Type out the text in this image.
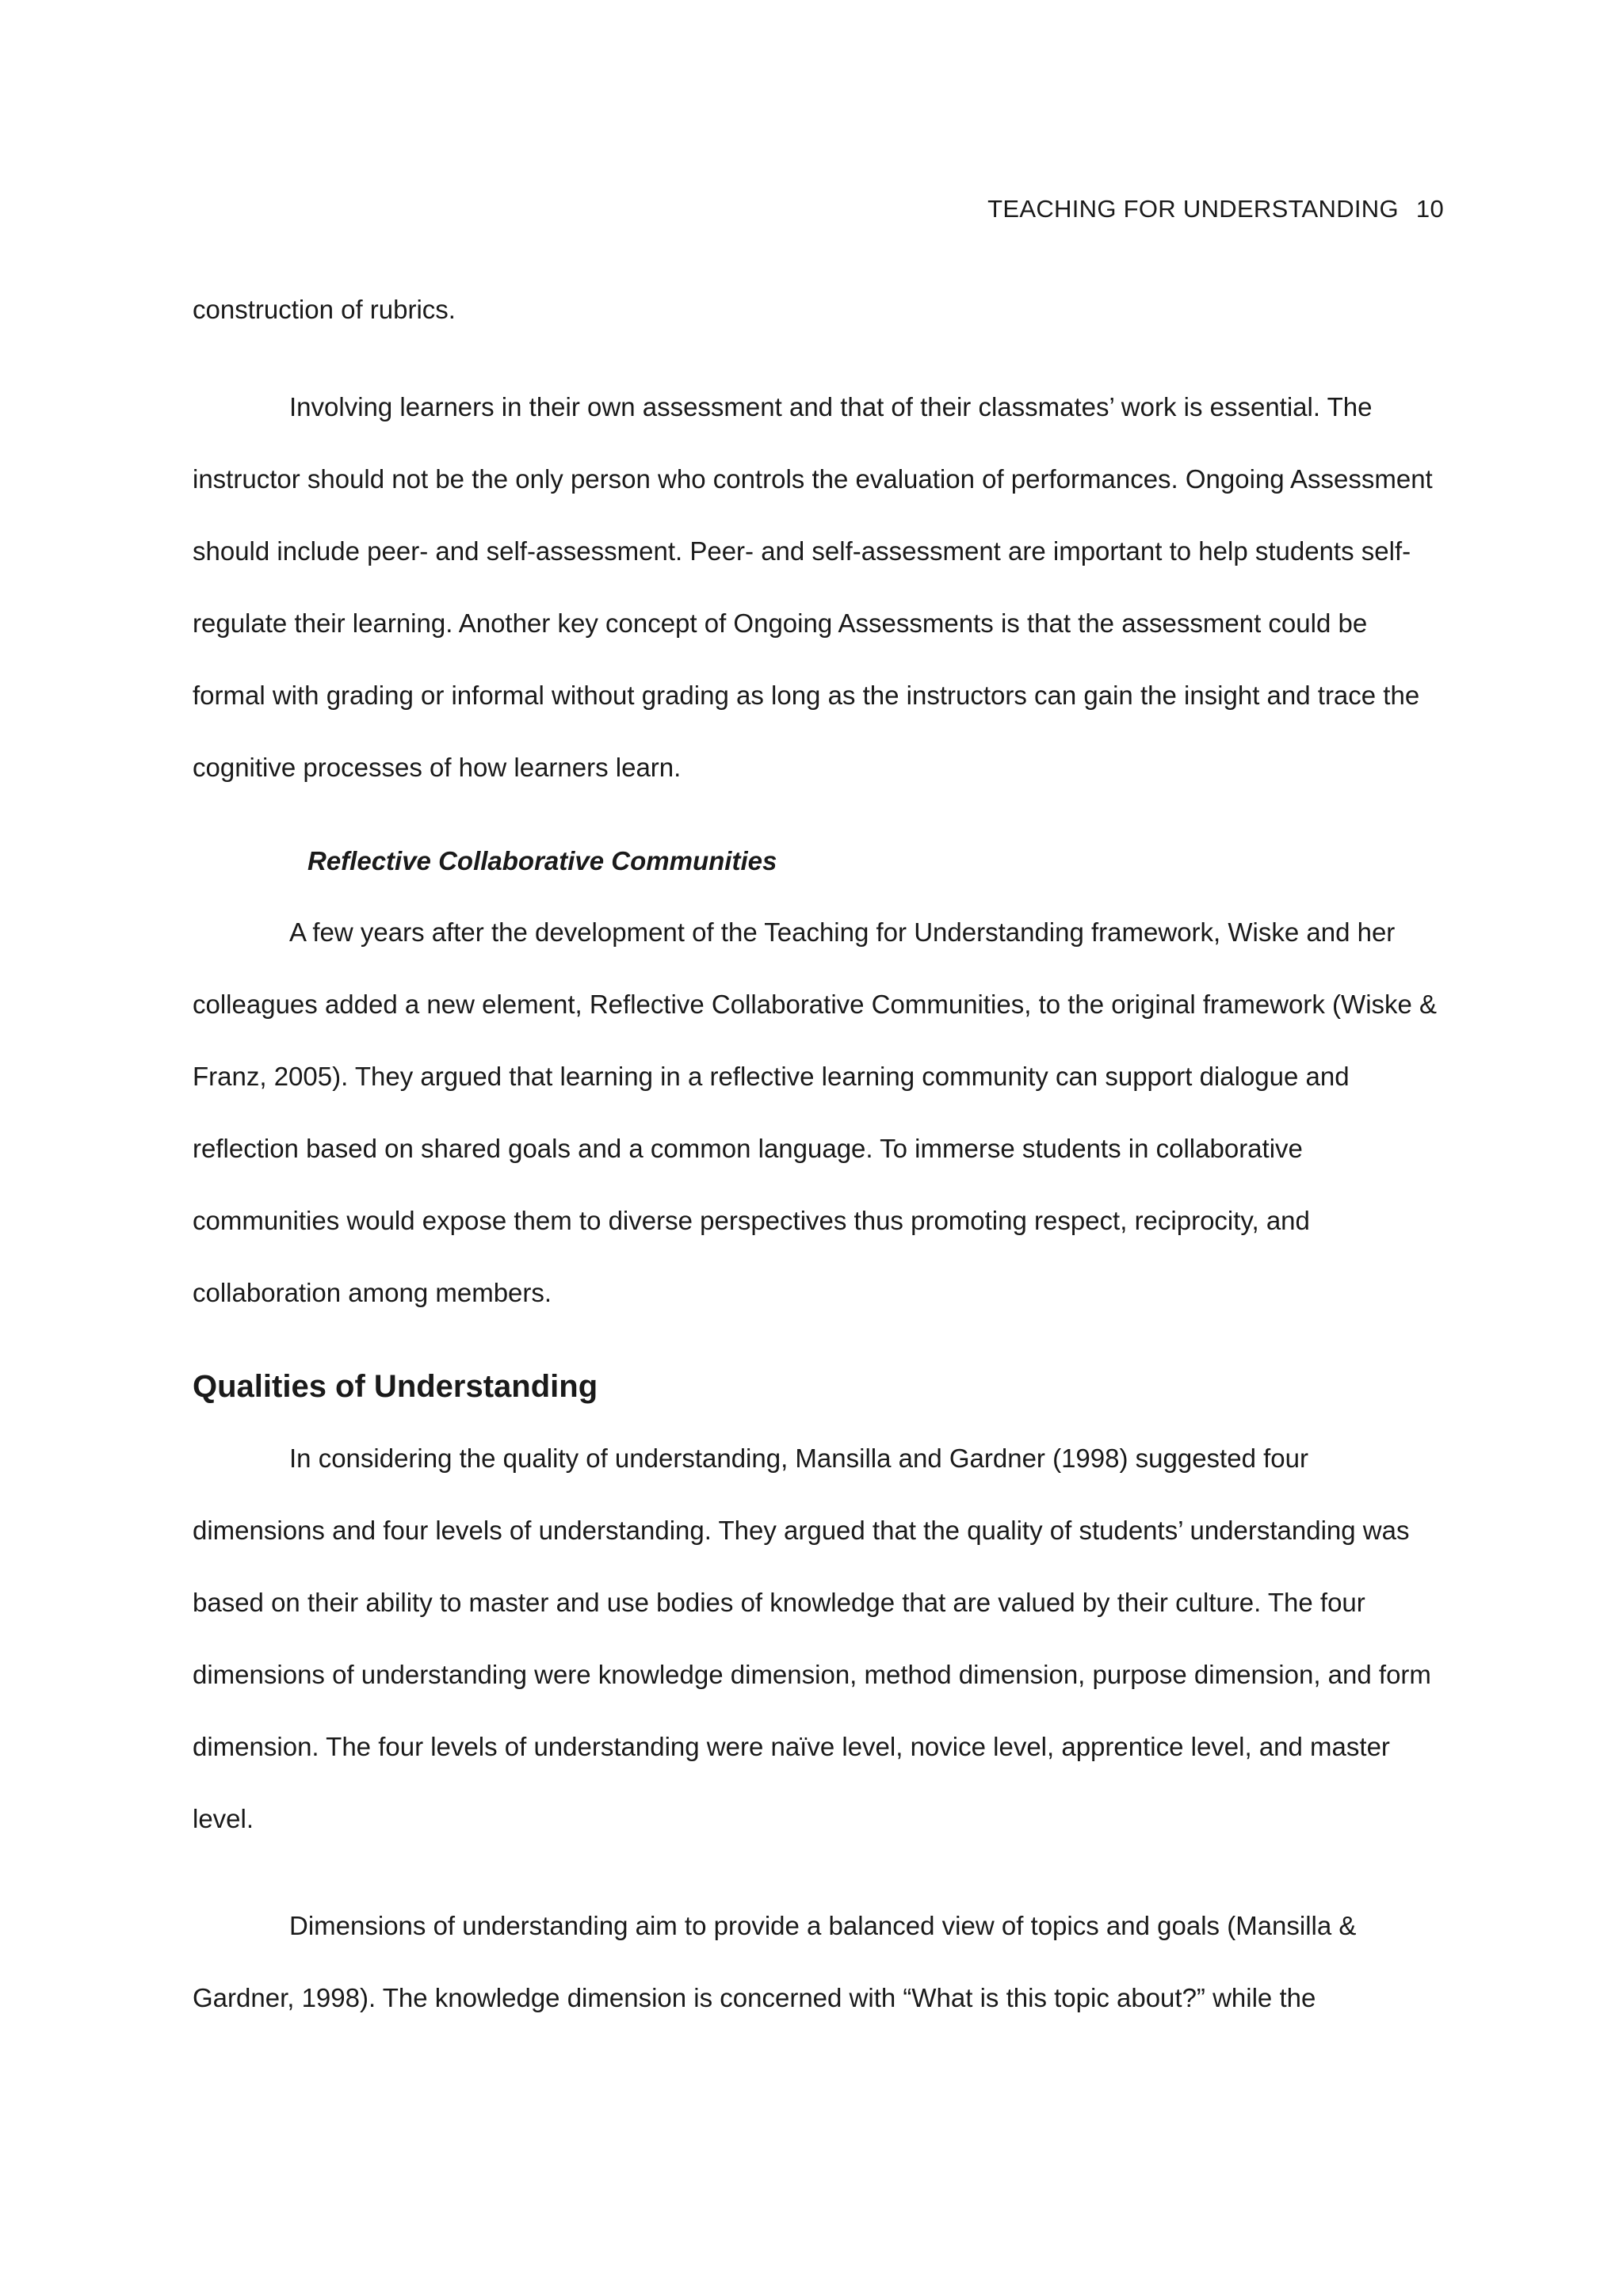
TEACHING FOR UNDERSTANDING 10

construction of rubrics.

Involving learners in their own assessment and that of their classmates’ work is essential. The instructor should not be the only person who controls the evaluation of performances. Ongoing Assessment should include peer- and self-assessment. Peer- and self-assessment are important to help students self-regulate their learning. Another key concept of Ongoing Assessments is that the assessment could be formal with grading or informal without grading as long as the instructors can gain the insight and trace the cognitive processes of how learners learn.

Reflective Collaborative Communities

A few years after the development of the Teaching for Understanding framework, Wiske and her colleagues added a new element, Reflective Collaborative Communities, to the original framework (Wiske & Franz, 2005). They argued that learning in a reflective learning community can support dialogue and reflection based on shared goals and a common language. To immerse students in collaborative communities would expose them to diverse perspectives thus promoting respect, reciprocity, and collaboration among members.

Qualities of Understanding

In considering the quality of understanding, Mansilla and Gardner (1998) suggested four dimensions and four levels of understanding. They argued that the quality of students’ understanding was based on their ability to master and use bodies of knowledge that are valued by their culture. The four dimensions of understanding were knowledge dimension, method dimension, purpose dimension, and form dimension. The four levels of understanding were naïve level, novice level, apprentice level, and master level.

Dimensions of understanding aim to provide a balanced view of topics and goals (Mansilla & Gardner, 1998). The knowledge dimension is concerned with “What is this topic about?” while the
